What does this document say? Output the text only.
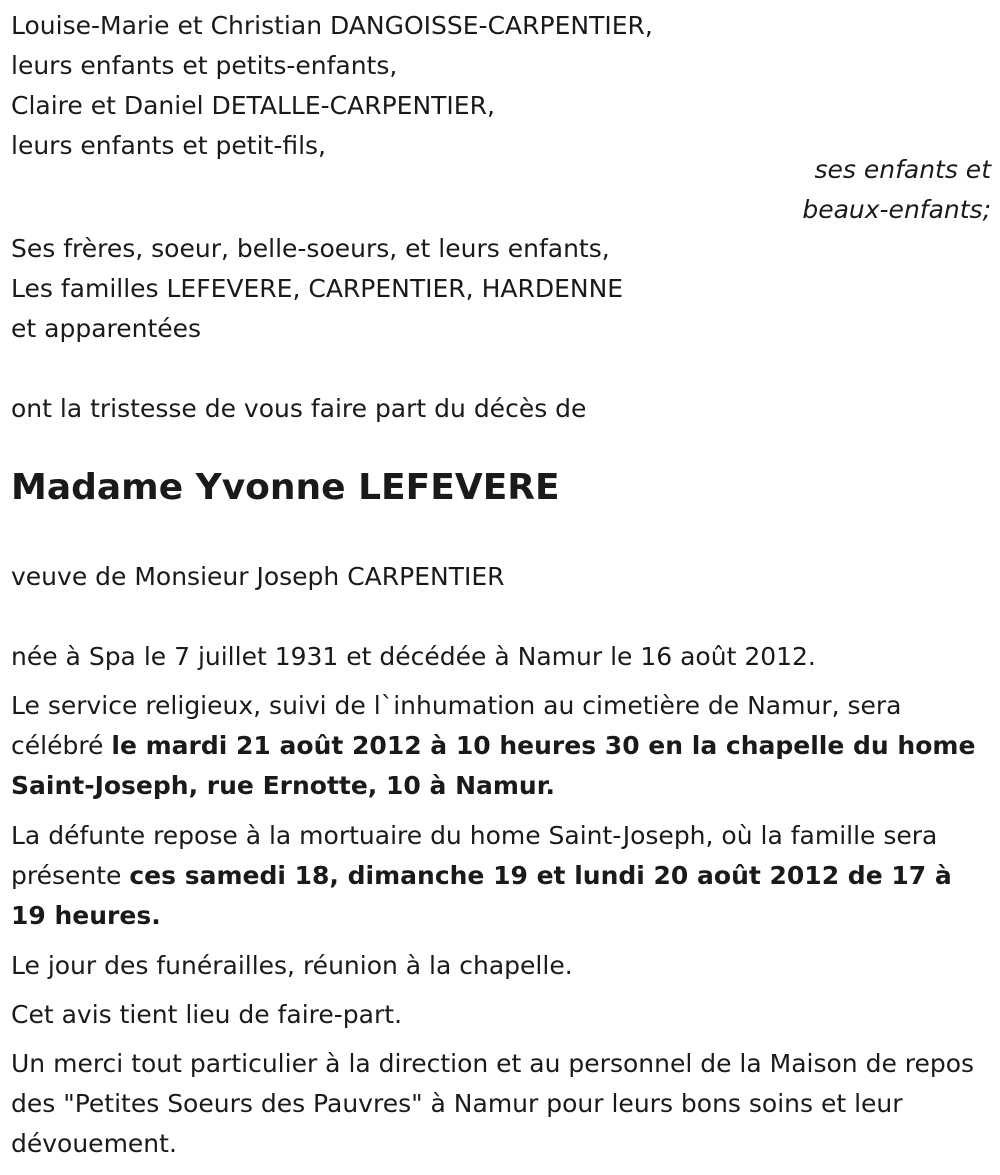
Louise-Marie et Christian DANGOISSE-CARPENTIER,
leurs enfants et petits-enfants,
Claire et Daniel DETALLE-CARPENTIER,
leurs enfants et petit-fils,
ses enfants et
beaux-enfants;
Ses frères, soeur, belle-soeurs, et leurs enfants,
Les familles LEFEVERE, CARPENTIER, HARDENNE
et apparentées
ont la tristesse de vous faire part du décès de
Madame Yvonne LEFEVERE
veuve de Monsieur Joseph CARPENTIER
née à Spa le 7 juillet 1931 et décédée à Namur le 16 août 2012.
Le service religieux, suivi de l`inhumation au cimetière de Namur, sera célébré le mardi 21 août 2012 à 10 heures 30 en la chapelle du home Saint-Joseph, rue Ernotte, 10 à Namur.
La défunte repose à la mortuaire du home Saint-Joseph, où la famille sera présente ces samedi 18, dimanche 19 et lundi 20 août 2012 de 17 à 19 heures.
Le jour des funérailles, réunion à la chapelle.
Cet avis tient lieu de faire-part.
Un merci tout particulier à la direction et au personnel de la Maison de repos des "Petites Soeurs des Pauvres" à Namur pour leurs bons soins et leur dévouement.
